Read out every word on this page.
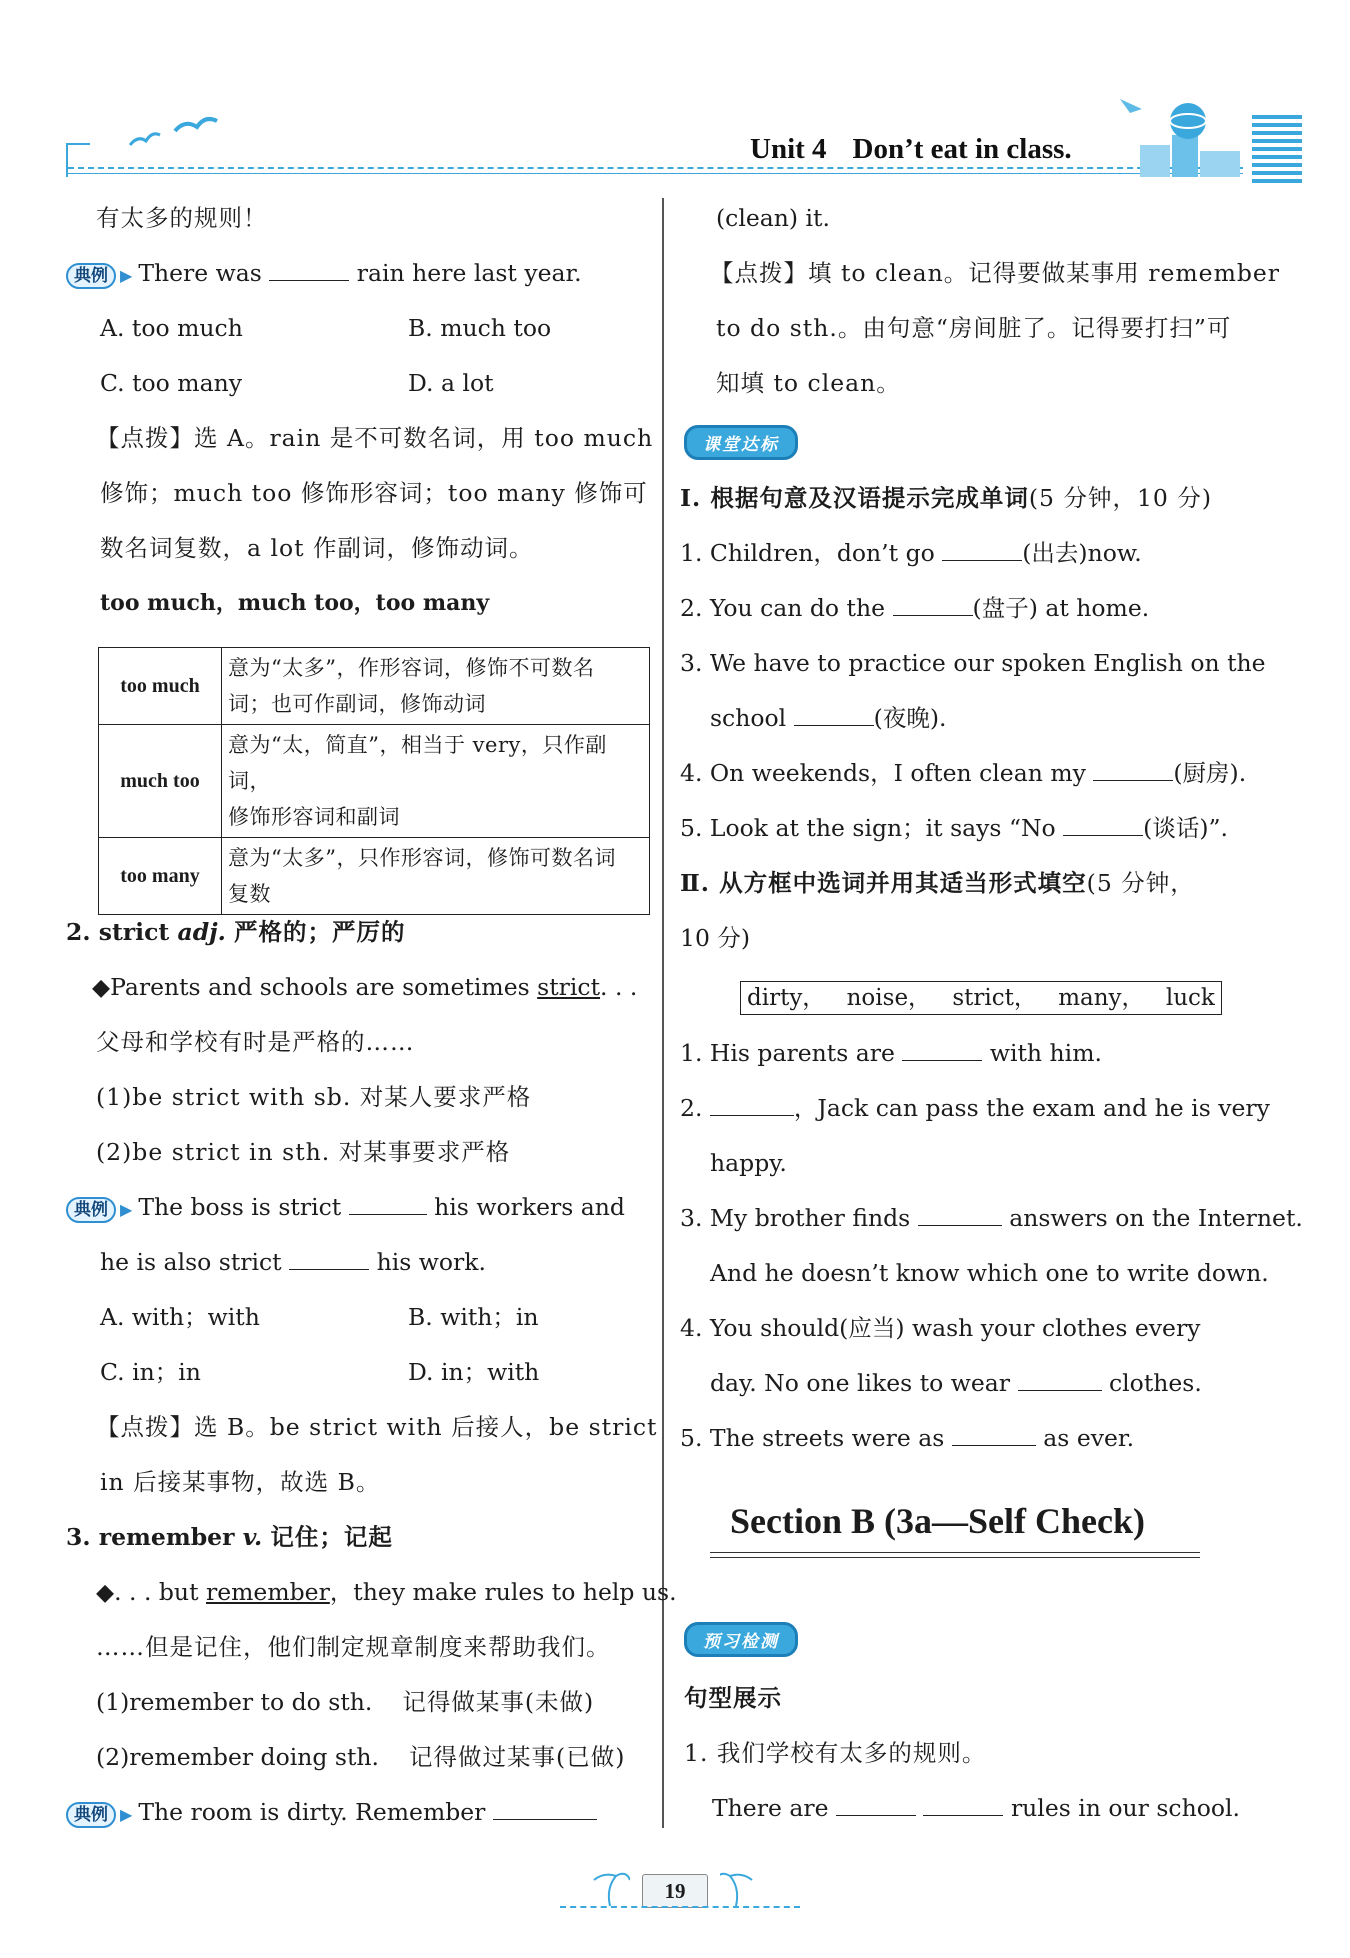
Unit 4 Don’t eat in class.
有太多的规则！
典例 ▶ There was	rain here last year.
A. too much	B. much too
C. too many	D. a lot
【点拨】选 A。rain 是不可数名词，用 too much
修饰；much too 修饰形容词；too many 修饰可
数名词复数，a lot 作副词，修饰动词。
too much，much too，too many
too much	意为“太多”，作形容词，修饰不可数名
词；也可作副词，修饰动词

much too	意为“太，简直”，相当于 very，只作副词，
修饰形容词和副词

too many	意为“太多”，只作形容词，修饰可数名词
复数
2. strict adj. 严格的；严厉的
◆Parents and schools are sometimes strict. . .
父母和学校有时是严格的……
(1)be strict with sb. 对某人要求严格
(2)be strict in sth. 对某事要求严格
典例 ▶ The boss is strict	his workers and
he is also strict	his work.
A. with；with	B. with；in
C. in；in	D. in；with
【点拨】选 B。be strict with 后接人，be strict
in 后接某事物，故选 B。
3. remember v. 记住；记起
◆. . . but remember，they make rules to help us.
……但是记住，他们制定规章制度来帮助我们。
(1)remember to do sth. 记得做某事(未做)
(2)remember doing sth. 记得做过某事(已做)
典例 ▶ The room is dirty. Remember
(clean) it.
【点拨】填 to clean。记得要做某事用 remember
to do sth.。由句意“房间脏了。记得要打扫”可
知填 to clean。
课堂达标
Ⅰ. 根据句意及汉语提示完成单词(5 分钟，10 分)
1. Children，don’t go	(出去)now.
2. You can do the	(盘子) at home.
3. We have to practice our spoken English on the
school	(夜晚).
4. On weekends，I often clean my	(厨房).
5. Look at the sign；it says “No	(谈话)”.
Ⅱ. 从方框中选词并用其适当形式填空(5 分钟，
10 分)
dirty， noise， strict， many， luck
1. His parents are	with him.
2.	，Jack can pass the exam and he is very
happy.
3. My brother finds	answers on the Internet.
And he doesn’t know which one to write down.
4. You should(应当) wash your clothes every
day. No one likes to wear	clothes.
5. The streets were as	as ever.
Section B (3a—Self Check)
预习检测
句型展示
1. 我们学校有太多的规则。
There are	rules in our school.
19
